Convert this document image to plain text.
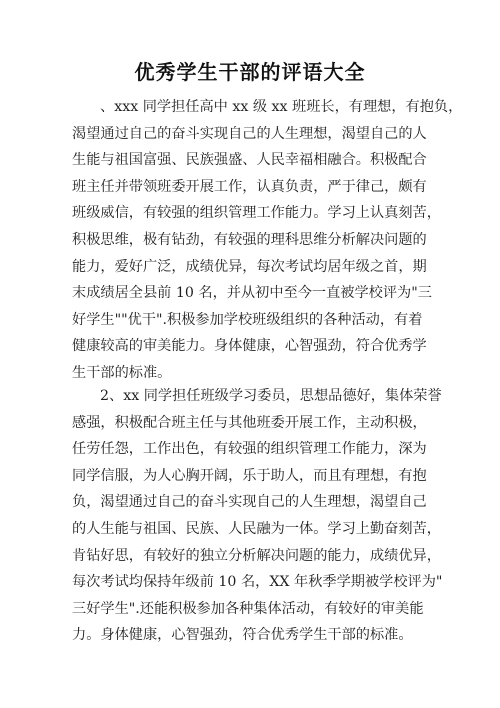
优秀学生干部的评语大全
、xxx 同学担任高中 xx 级 xx 班班长，有理想，有抱负，
渴望通过自己的奋斗实现自己的人生理想，渴望自己的人
生能与祖国富强、民族强盛、人民幸福相融合。积极配合
班主任并带领班委开展工作，认真负责，严于律己，颇有
班级威信，有较强的组织管理工作能力。学习上认真刻苦，
积极思维，极有钻劲，有较强的理科思维分析解决问题的
能力，爱好广泛，成绩优异，每次考试均居年级之首，期
末成绩居全县前 10 名，并从初中至今一直被学校评为"三
好学生""优干".积极参加学校班级组织的各种活动，有着
健康较高的审美能力。身体健康，心智强劲，符合优秀学
生干部的标准。
2、xx 同学担任班级学习委员，思想品德好，集体荣誉
感强，积极配合班主任与其他班委开展工作，主动积极，
任劳任怨，工作出色，有较强的组织管理工作能力，深为
同学信服，为人心胸开阔，乐于助人，而且有理想，有抱
负，渴望通过自己的奋斗实现自己的人生理想，渴望自己
的人生能与祖国、民族、人民融为一体。学习上勤奋刻苦，
肯钻好思，有较好的独立分析解决问题的能力，成绩优异，
每次考试均保持年级前 10 名，XX 年秋季学期被学校评为"
三好学生".还能积极参加各种集体活动，有较好的审美能
力。身体健康，心智强劲，符合优秀学生干部的标准。
